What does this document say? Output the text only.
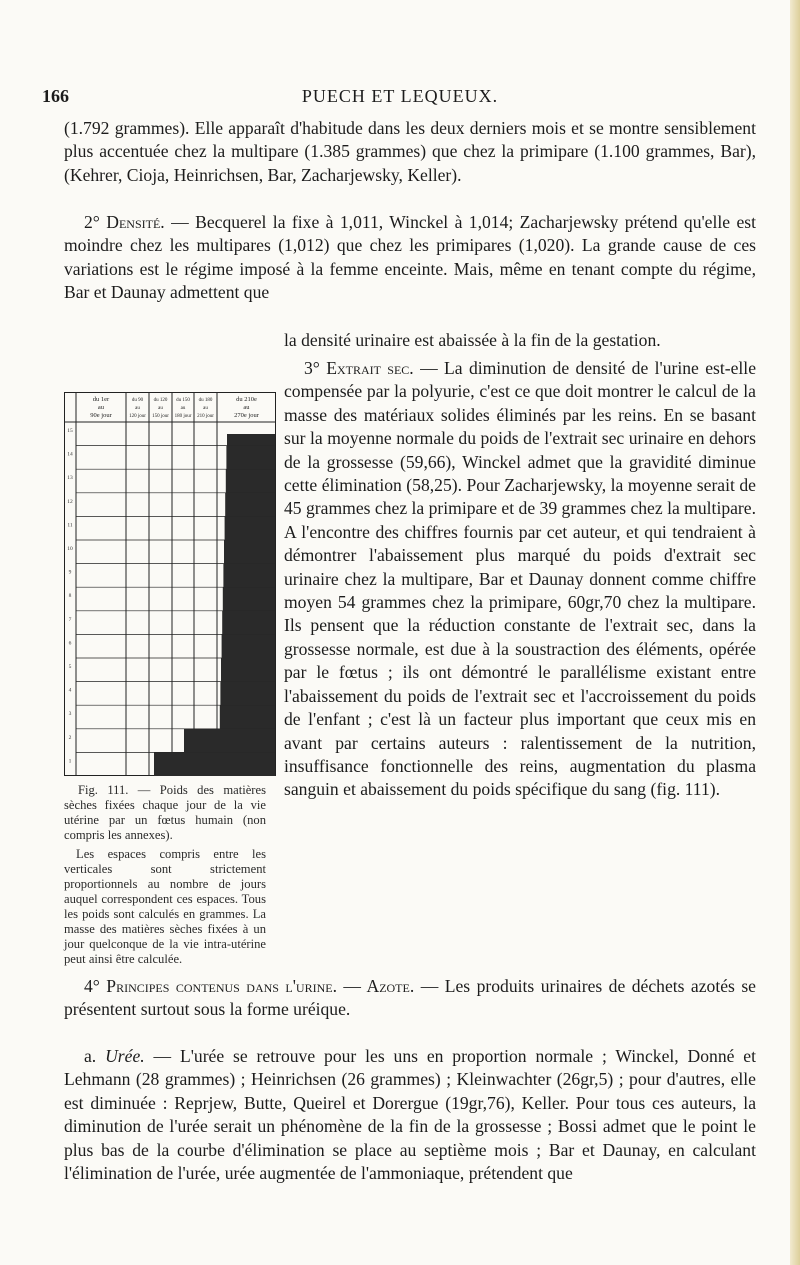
166	PUECH ET LEQUEUX.

(1.792 grammes). Elle apparaît d'habitude dans les deux derniers mois et se montre sensiblement plus accentuée chez la multipare (1.385 grammes) que chez la primipare (1.100 grammes, Bar), (Kehrer, Cioja, Heinrichsen, Bar, Zacharjewsky, Keller).

2° Densité. — Becquerel la fixe à 1,011, Winckel à 1,014; Zacharjewsky prétend qu'elle est moindre chez les multipares (1,012) que chez les primipares (1,020). La grande cause de ces variations est le régime imposé à la femme enceinte. Mais, même en tenant compte du régime, Bar et Daunay admettent que

la densité urinaire est abaissée à la fin de la gestation.

3° Extrait sec. — La diminution de densité de l'urine est-elle compensée par la polyurie, c'est ce que doit montrer le calcul de la masse des matériaux solides éliminés par les reins. En se basant sur la moyenne normale du poids de l'extrait sec urinaire en dehors de la grossesse (59,66), Winckel admet que la gravidité diminue cette élimination (58,25). Pour Zacharjewsky, la moyenne serait de 45 grammes chez la primipare et de 39 grammes chez la multipare. A l'encontre des chiffres fournis par cet auteur, et qui tendraient à démontrer l'abaissement plus marqué du poids d'extrait sec urinaire chez la multipare, Bar et Daunay donnent comme chiffre moyen 54 grammes chez la primipare, 60gr,70 chez la multipare. Ils pensent que la réduction constante de l'extrait sec, dans la grossesse normale, est due à la soustraction des éléments, opérée par le fœtus ; ils ont démontré le parallélisme existant entre l'abaissement du poids de l'extrait sec et l'accroissement du poids de l'enfant ; c'est là un facteur plus important que ceux mis en avant par certains auteurs : ralentissement de la nutrition, insuffisance fonctionnelle des reins, augmentation du plasma sanguin et abaissement du poids spécifique du sang (fig. 111).

4° Principes contenus dans l'urine. — Azote. — Les produits urinaires de déchets azotés se présentent surtout sous la forme uréique.

a. Urée. — L'urée se retrouve pour les uns en proportion normale ; Winckel, Donné et Lehmann (28 grammes) ; Heinrichsen (26 grammes) ; Kleinwachter (26gr,5) ; pour d'autres, elle est diminuée : Reprjew, Butte, Queirel et Dorergue (19gr,76), Keller. Pour tous ces auteurs, la diminution de l'urée serait un phénomène de la fin de la grossesse ; Bossi admet que le point le plus bas de la courbe d'élimination se place au septième mois ; Bar et Daunay, en calculant l'élimination de l'urée, urée augmentée de l'ammoniaque, prétendent que

du 1er
au
90e jour
du 90
au
120 jour
du 120
au
150 jour
du 150
au
180 jour
du 180
au
210 jour
du 210e
au
270e jour
15
14
13
12
11
10
9
8
7
6
5
4
3
2
1

Fig. 111. — Poids des matières sèches fixées chaque jour de la vie utérine par un fœtus humain (non compris les annexes).

Les espaces compris entre les verticales sont strictement proportionnels au nombre de jours auquel correspondent ces espaces. Tous les poids sont calculés en grammes. La masse des matières sèches fixées à un jour quelconque de la vie intra-utérine peut ainsi être calculée.
